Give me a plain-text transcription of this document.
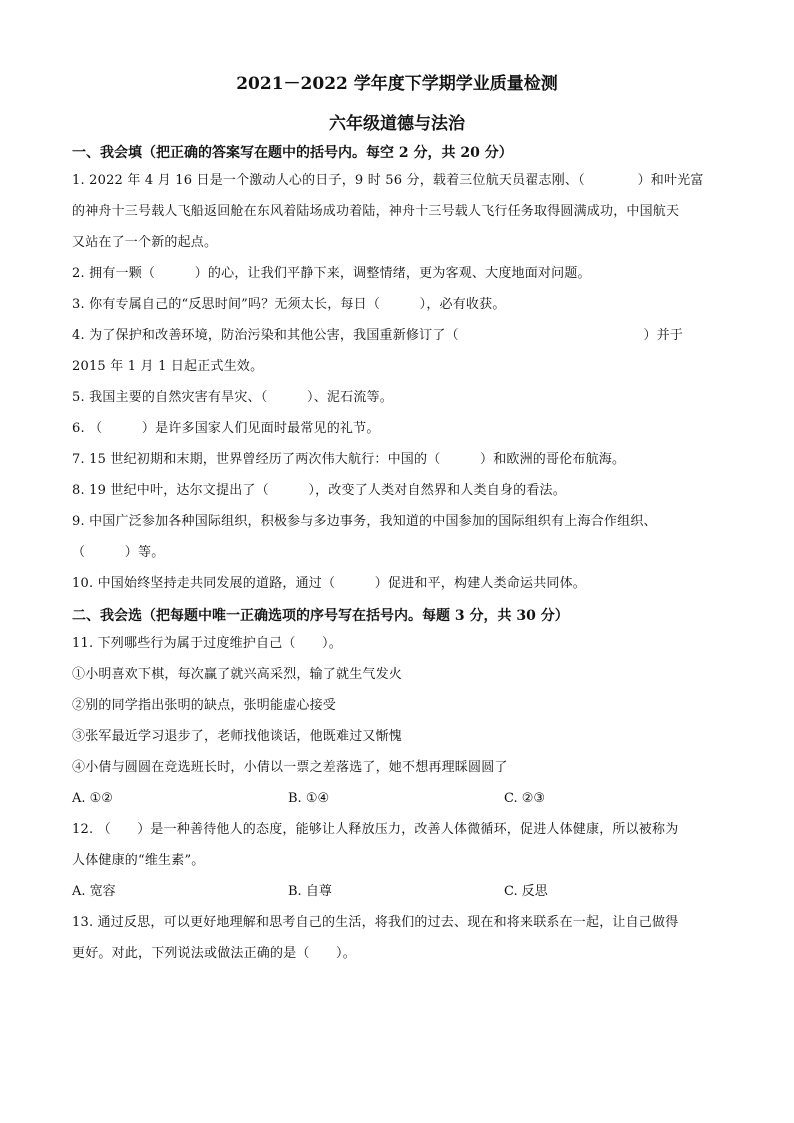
2021－2022 学年度下学期学业质量检测
六年级道德与法治
一、我会填（把正确的答案写在题中的括号内。每空 2 分，共 20 分）

1. 2022 年 4 月 16 日是一个激动人心的日子，9 时 56 分，载着三位航天员翟志刚、（　　　　）和叶光富

的神舟十三号载人飞船返回舱在东风着陆场成功着陆，神舟十三号载人飞行任务取得圆满成功，中国航天

又站在了一个新的起点。

2. 拥有一颗（　　　）的心，让我们平静下来，调整情绪，更为客观、大度地面对问题。

3. 你有专属自己的“反思时间”吗？无须太长，每日（　　　），必有收获。

4. 为了保护和改善环境，防治污染和其他公害，我国重新修订了（　　　　　　　　　　　　　　）并于

2015 年 1 月 1 日起正式生效。

5. 我国主要的自然灾害有旱灾、（　　　）、泥石流等。

6. （　　　）是许多国家人们见面时最常见的礼节。

7. 15 世纪初期和末期，世界曾经历了两次伟大航行：中国的（　　　）和欧洲的哥伦布航海。

8. 19 世纪中叶，达尔文提出了（　　　），改变了人类对自然界和人类自身的看法。

9. 中国广泛参加各种国际组织，积极参与多边事务，我知道的中国参加的国际组织有上海合作组织、

（　　　）等。

10. 中国始终坚持走共同发展的道路，通过（　　　）促进和平，构建人类命运共同体。

二、我会选（把每题中唯一正确选项的序号写在括号内。每题 3 分，共 30 分）

11. 下列哪些行为属于过度维护自己（　　）。

①小明喜欢下棋，每次赢了就兴高采烈，输了就生气发火

②别的同学指出张明的缺点，张明能虚心接受

③张军最近学习退步了，老师找他谈话，他既难过又惭愧

④小倩与圆圆在竞选班长时，小倩以一票之差落选了，她不想再理睬圆圆了

A. ①②	B. ①④	C. ②③

12. （　　）是一种善待他人的态度，能够让人释放压力，改善人体微循环，促进人体健康，所以被称为

人体健康的“维生素”。

A. 宽容	B. 自尊	C. 反思

13. 通过反思，可以更好地理解和思考自己的生活，将我们的过去、现在和将来联系在一起，让自己做得

更好。对此，下列说法或做法正确的是（　　）。
